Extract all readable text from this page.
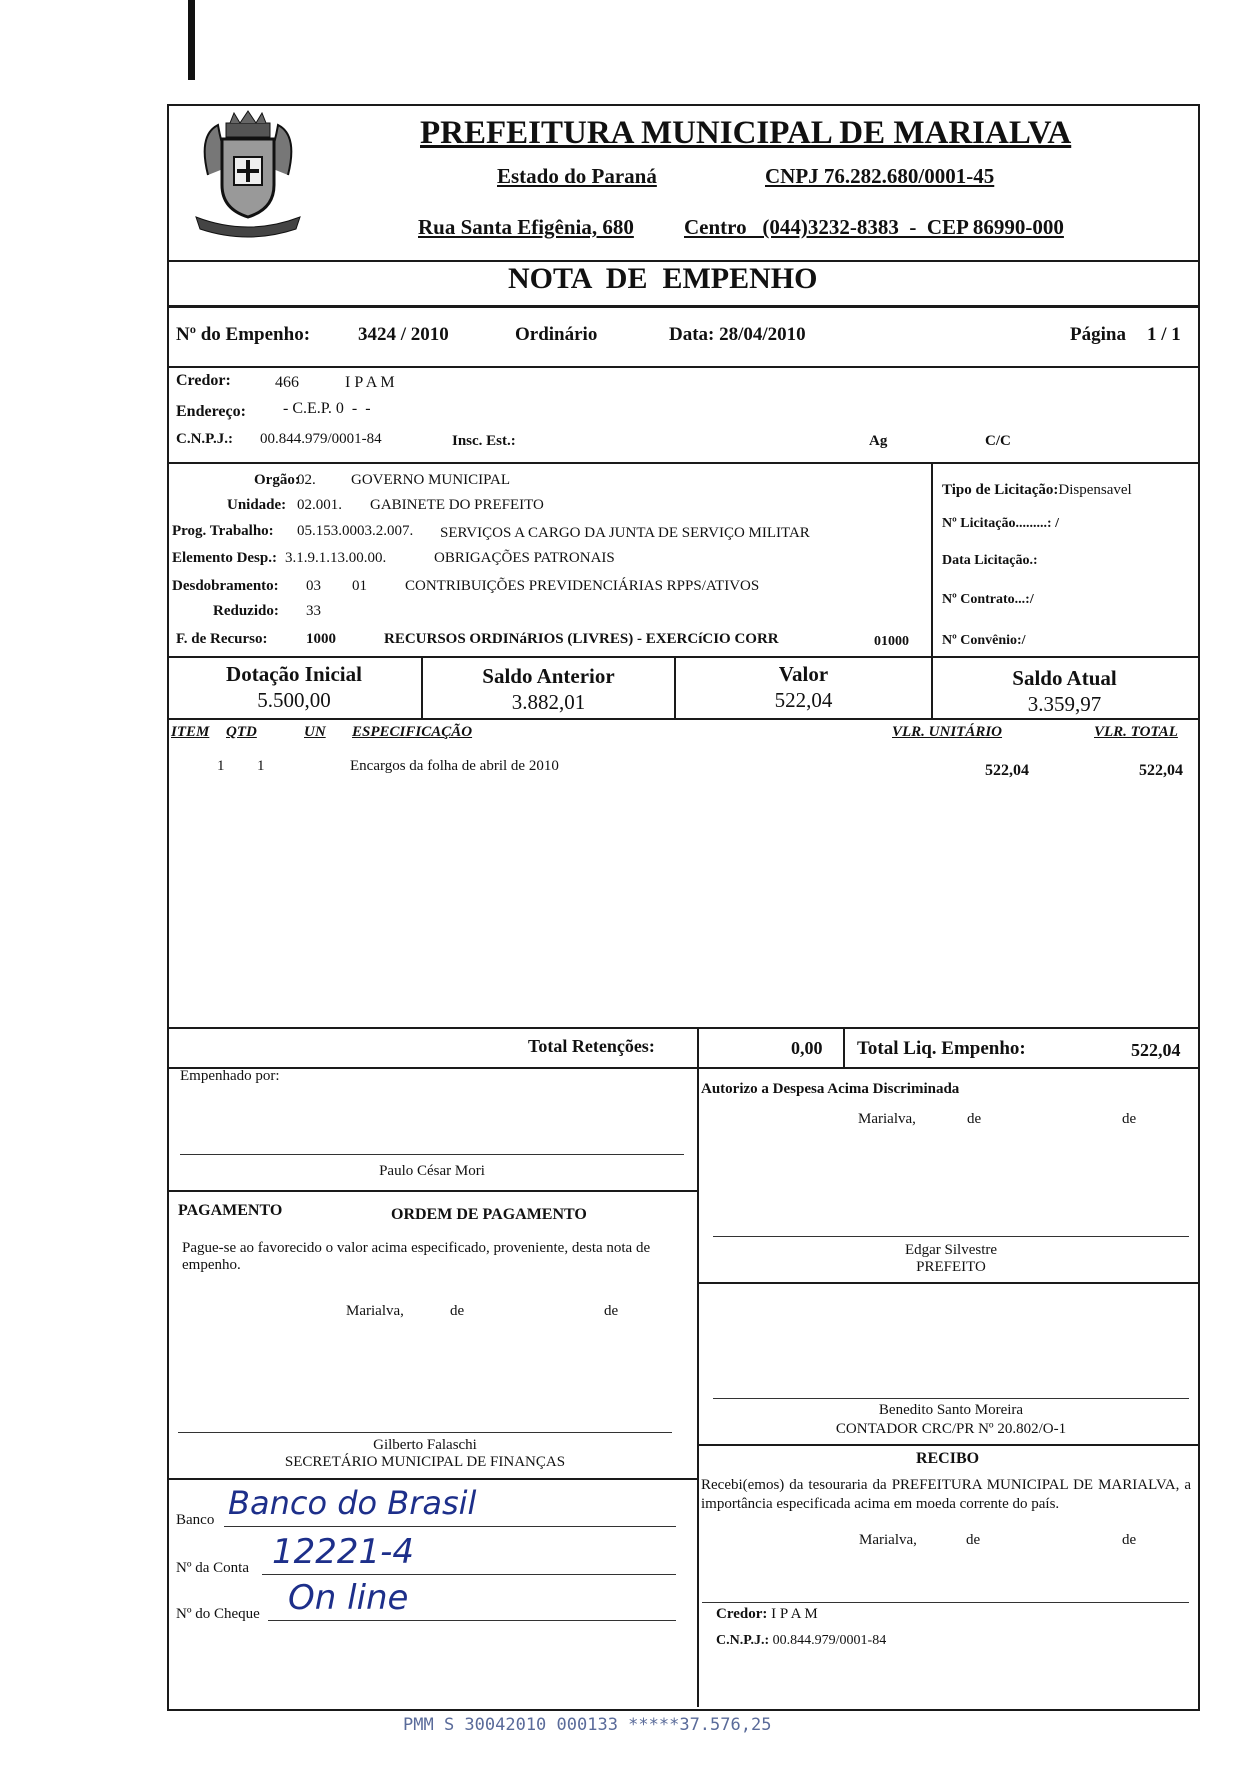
PREFEITURA MUNICIPAL DE MARIALVA
Estado do Paraná	CNPJ 76.282.680/0001-45
Rua Santa Efigênia, 680 Centro   (044)3232-8383  -  CEP 86990-000
NOTA  DE  EMPENHO
Nº do Empenho:	3424 / 2010	Ordinário	Data: 28/04/2010	Página 1 / 1
Credor:	466	I P A M
Endereço: - C.E.P. 0  -  -
C.N.P.J.: 00.844.979/0001-84	Insc. Est.:	Ag	C/C
Orgão:
02. GOVERNO MUNICIPAL
Unidade: 02.001. GABINETE DO PREFEITO
Prog. Trabalho: 05.153.0003.2.007. SERVIÇOS A CARGO DA JUNTA DE SERVIÇO MILITAR
Elemento Desp.: 3.1.9.1.13.00.00.	OBRIGAÇÕES PATRONAIS
Desdobramento: 03 01	CONTRIBUIÇÕES PREVIDENCIÁRIAS RPPS/ATIVOS
Reduzido: 33
F. de Recurso:	1000	RECURSOS ORDINáRIOS (LIVRES) - EXERCíCIO CORR	01000
Tipo de Licitação:Dispensavel
Nº Licitação.........: /
Data Licitação.:
Nº Contrato...:/
Nº Convênio:/
Dotação Inicial
5.500,00
Saldo Anterior
3.882,01
Valor
522,04
Saldo Atual
3.359,97
ITEM QTD	UN ESPECIFICAÇÃO	VLR. UNITÁRIO	VLR. TOTAL
1 1	Encargos da folha de abril de 2010	522,04	522,04
Total Retenções:	0,00 Total Liq. Empenho:	522,04
Empenhado por:
Paulo César Mori
Autorizo a Despesa Acima Discriminada
Marialva,	de	de
Edgar Silvestre
PREFEITO
PAGAMENTO	ORDEM DE PAGAMENTO
Pague-se ao favorecido o valor acima especificado, proveniente, desta nota de empenho.
Marialva,	de	de
Gilberto Falaschi
SECRETÁRIO MUNICIPAL DE FINANÇAS
Banco Banco do Brasil
Nº da Conta 12221-4
Nº do Cheque On line
Benedito Santo Moreira
CONTADOR CRC/PR Nº 20.802/O-1
RECIBO
Recebi(emos) da tesouraria da PREFEITURA MUNICIPAL DE MARIALVA, a importância especificada acima em moeda corrente do país.
Marialva,	de	de
Credor: I P A M
C.N.P.J.: 00.844.979/0001-84
PMM S 30042010 000133 *****37.576,25
